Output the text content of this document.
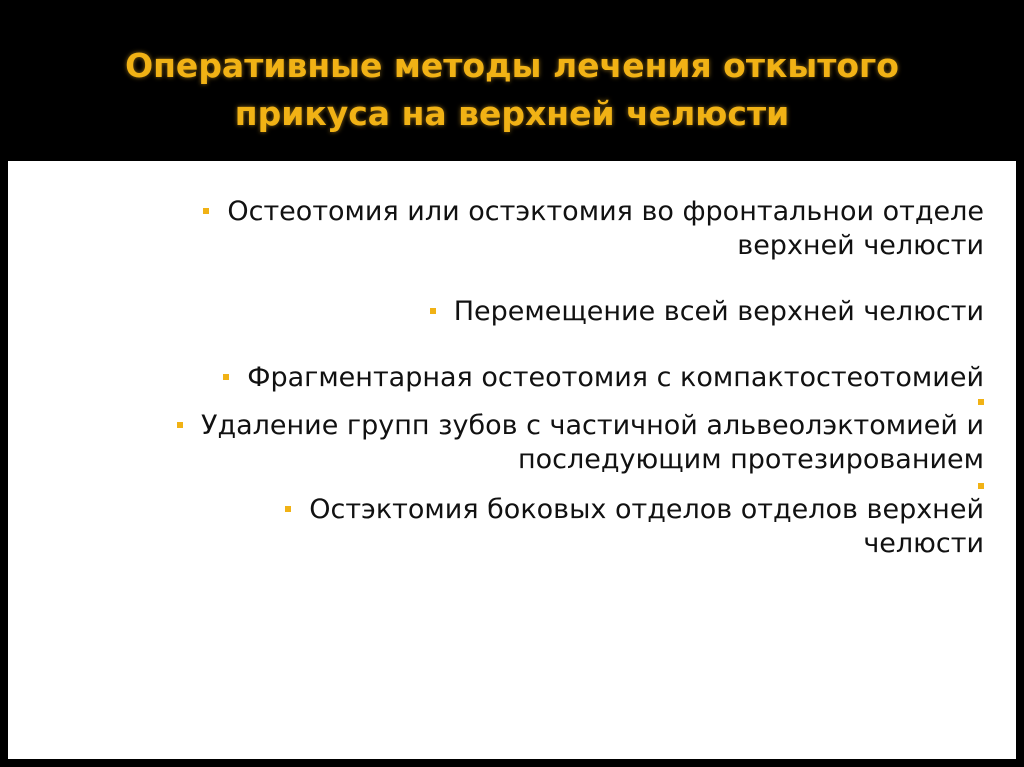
Оперативные методы лечения откытого
прикуса на верхней челюсти
Остеотомия или остэктомия во фронтальнои отделе
верхней челюсти
Перемещение всей верхней челюсти
Фрагментарная остеотомия с компактостеотомией
Удаление групп зубов с частичной альвеолэктомией и
последующим протезированием
Остэктомия боковых отделов отделов верхней
челюсти
